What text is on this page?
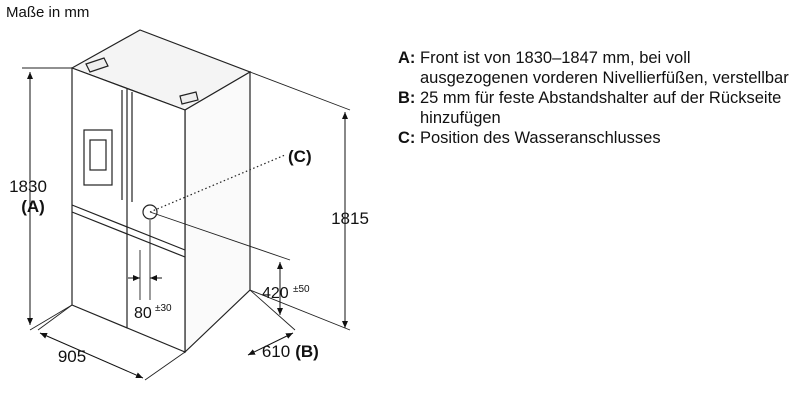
Maße in mm
1830
(A)
1815
905	610 (B)
420 ±50
80 ±30
(C)
A: Front ist von 1830–1847 mm, bei voll ausgezogenen vorderen Nivellierfüßen, verstellbar
B: 25 mm für feste Abstandshalter auf der Rückseite hinzufügen
C: Position des Wasseranschlusses
